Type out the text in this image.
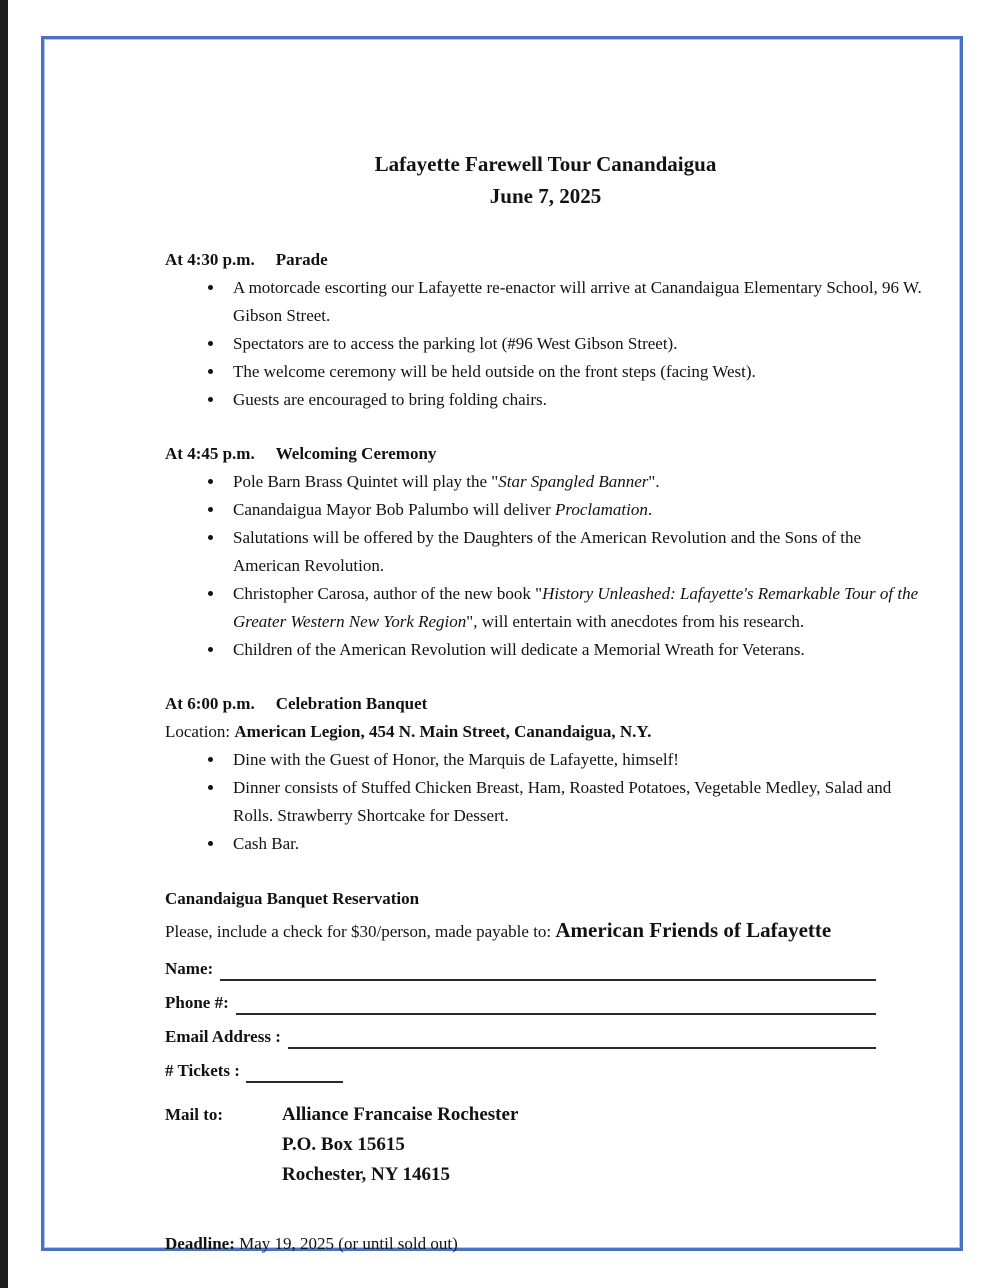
Lafayette Farewell Tour Canandaigua
June 7, 2025
At 4:30 p.m. Parade
• A motorcade escorting our Lafayette re-enactor will arrive at Canandaigua Elementary School, 96 W. Gibson Street.
• Spectators are to access the parking lot (#96 West Gibson Street).
• The welcome ceremony will be held outside on the front steps (facing West).
• Guests are encouraged to bring folding chairs.
At 4:45 p.m. Welcoming Ceremony
• Pole Barn Brass Quintet will play the "Star Spangled Banner".
• Canandaigua Mayor Bob Palumbo will deliver Proclamation.
• Salutations will be offered by the Daughters of the American Revolution and the Sons of the American Revolution.
• Christopher Carosa, author of the new book "History Unleashed: Lafayette's Remarkable Tour of the Greater Western New York Region", will entertain with anecdotes from his research.
• Children of the American Revolution will dedicate a Memorial Wreath for Veterans.
At 6:00 p.m. Celebration Banquet
Location: American Legion, 454 N. Main Street, Canandaigua, N.Y.
• Dine with the Guest of Honor, the Marquis de Lafayette, himself!
• Dinner consists of Stuffed Chicken Breast, Ham, Roasted Potatoes, Vegetable Medley, Salad and Rolls. Strawberry Shortcake for Dessert.
• Cash Bar.
Canandaigua Banquet Reservation
Please, include a check for $30/person, made payable to: American Friends of Lafayette
Name:
Phone #:
Email Address :
# Tickets :
Mail to:	Alliance Francaise Rochester
P.O. Box 15615
Rochester, NY 14615
Deadline: May 19, 2025 (or until sold out)
